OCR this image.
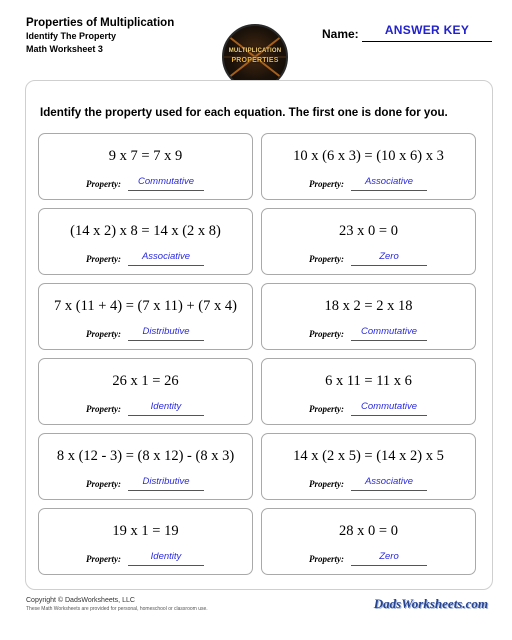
Properties of Multiplication
Identify The Property
Math Worksheet 3	MULTIPLICATION
PROPERTIES
Name:	ANSWER KEY
Identify the property used for each equation. The first one is done for you.
9 x 7 = 7 x 9
Property:	Commutative
10 x (6 x 3) = (10 x 6) x 3
Property:	Associative
(14 x 2) x 8 = 14 x (2 x 8)
Property:	Associative
23 x 0 = 0
Property:	Zero
7 x (11 + 4) = (7 x 11) + (7 x 4)
Property:	Distributive
18 x 2 = 2 x 18
Property:	Commutative
26 x 1 = 26
Property:	Identity
6 x 11 = 11 x 6
Property:	Commutative
8 x (12 - 3) = (8 x 12) - (8 x 3)
Property:	Distributive
14 x (2 x 5) = (14 x 2) x 5
Property:	Associative
19 x 1 = 19
Property:	Identity
28 x 0 = 0
Property:	Zero
Copyright © DadsWorksheets, LLC
These Math Worksheets are provided for personal, homeschool or classroom use.	DadsWorksheets.com
